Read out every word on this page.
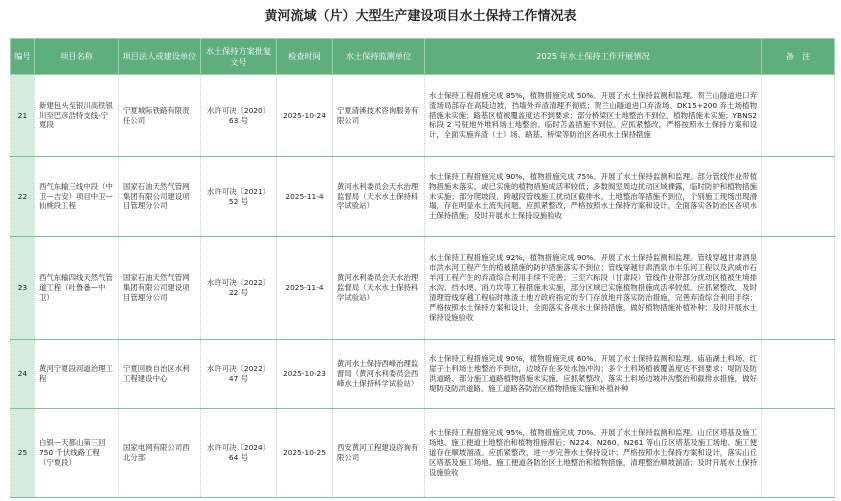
黄河流域（片）大型生产建设项目水土保持工作情况表
编号	项目名称	项目法人或建设单位	水土保持方案批复文号	检查时间	水土保持监测单位	2025 年水土保持工作开展情况	备　注
21	新建包头至银川高铁银川至巴彦浩特支线-宁夏段	宁夏城际铁路有限责任公司	水许可决〔2020〕63 号	2025-10-24	宁夏清溪技术咨询服务有限公司	水土保持工程措施完成 85%，植物措施完成 50%。开展了水土保持监测和监理。贺兰山隧道进口弃渣场局部存在高陡边坡，挡墙外弃渣清理不彻底；贺兰山隧道进口弃渣场、DK15+200 弃土场植物措施未实施；路基区植被覆盖度达不到要求；部分桥梁区土地整治不到位，植物措施未实施；YBNS2 标段 2 号驻地外堆料场土地整治、临时苫盖措施不到位。应抓紧整改，严格按照水土保持方案和设计，全面实施弃渣（土）场、路基、桥梁等防治区各项水土保持措施	
22	西气东输三线中段（中卫—吉安）项目中卫—仙桃段工程	国家石油天然气管网集团有限公司建设项目管理分公司	水许可决〔2021〕52 号	2025-11-4	黄河水利委员会天水治理监督局（天水水土保持科学试验站）	水土保持工程措施完成 90%，植物措施完成 75%。开展了水土保持监测和监理。部分管线作业带植物措施未落实，或已实施的植物措施成活率较低；多数阀室周边扰动区域裸露，临时防护和植物措施未实施；部分爬坡段、跨越段管线施工扰动区截排水、土地整治等措施不到位，个别施工现场出现滑塌，存在明显水土流失问题。应抓紧整改，严格按照水土保持方案和设计，全面落实各防治区各项水土保持措施；及时开展水土保持设施验收	
23	西气东输四线天然气管道工程（吐鲁番—中卫）	国家石油天然气管网集团有限公司建设项目管理分公司	水许可决〔2022〕22 号	2025-11-4	黄河水利委员会天水治理监督局（天水水土保持科学试验站）	水土保持工程措施完成 92%，植物措施完成 90%。开展了水土保持监测和监理。管线穿越甘肃酒泉市洪水河工程产生的植被措施的防护措施落实不到位；管线穿越甘肃酒泉市丰乐河工程以及武威市石羊河工程产生的弃渣综合利用手续不完善；三至六标段（甘肃段）管线作业带部分扰动区植被生境排水沟、挡水埂、消力坎等工程措施未实施，部分区域已实施植物措施成活率较低。应抓紧整改，及时清理管线穿越工程临时堆渣土地方政府指定的专门存放地并落实防治措施，完善弃渣综合利用手续；严格按照水土保持方案和设计，全面落实各项水土保持措施，做好植物措施补植补种；及时开展水土保持设施验收	
24	黄河宁夏段河道治理工程	宁夏回族自治区水利工程建设中心	水许可决〔2022〕47 号	2025-10-23	黄河水土保持西峰治理监督局（黄河水利委员会西峰水土保持科学试验站）	水土保持工程措施完成 90%，植物措施完成 60%。开展了水土保持监测和监理。庙庙湖土料场、红崖子土料场土地整治不到位，边坡存在多处水蚀冲沟；多个土料场植被覆盖度达不到要求；堤防及防洪道路、部分施工道路植物措施未实施。应抓紧整改，落实土料场边坡冲沟整治和截排水措施，做好堤防及防洪道路、施工道路各防治区植物措施实施和补植补种	
25	白银—天都山第三回 750 千伏线路工程（宁夏段）	国家电网有限公司西北分部	水许可决〔2024〕64 号	2025-10-25	西安黄河工程建设咨询有限公司	水土保持工程措施完成 95%，植物措施完成 70%。开展了水土保持监测和监理。山丘区塔基及施工场地、施工便道土地整治和植物措施滞后；N224、N260、N261 等山丘区塔基及施工场地、施工便道存在顺坡溜渣。应抓紧整改，进一步完善水土保持设计；严格按照水土保持方案和设计，落实山丘区塔基及施工场地、施工便道各防治区土地整治和植物措施，清理整治顺坡溜渣；及时开展水土保持设施验收	
